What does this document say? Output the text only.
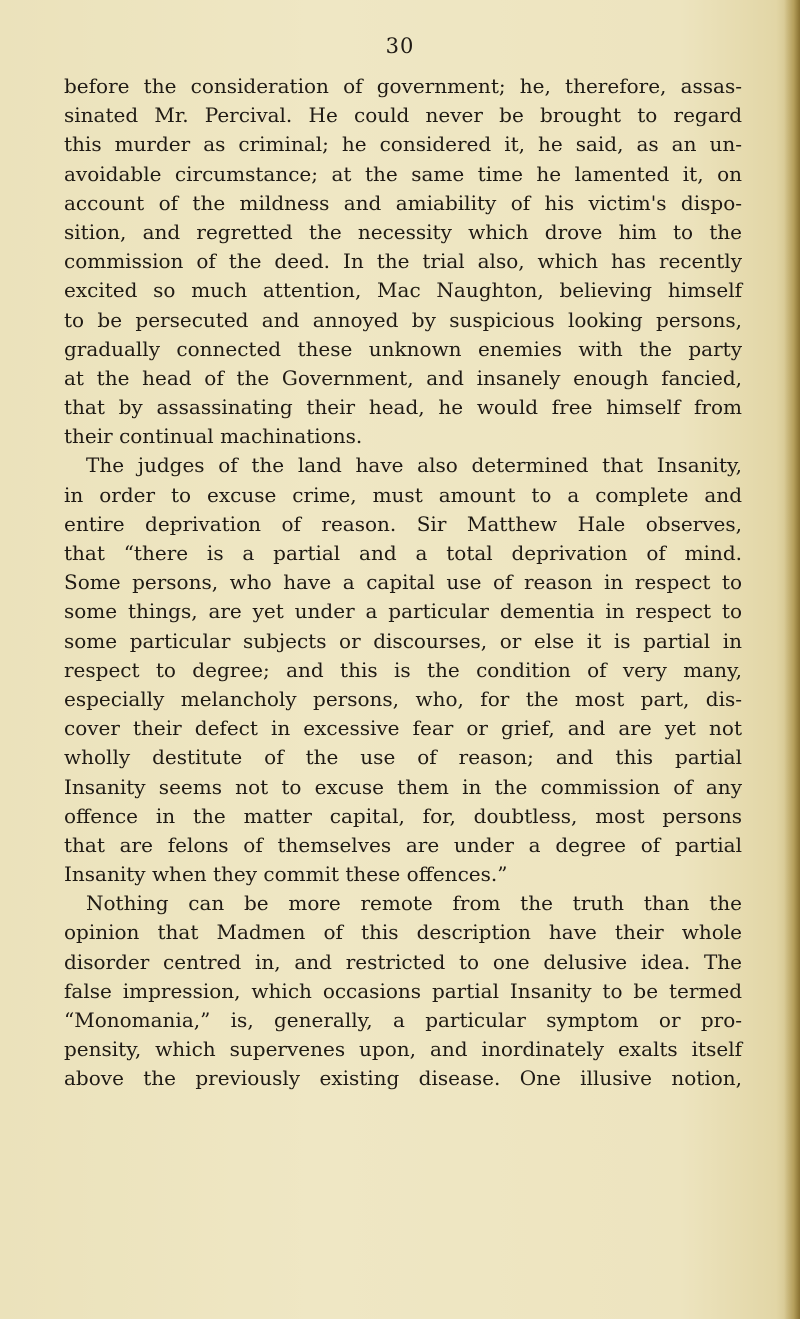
30
before the consideration of government; he, therefore, assas-
sinated Mr. Percival. He could never be brought to regard
this murder as criminal; he considered it, he said, as an un-
avoidable circumstance; at the same time he lamented it, on
account of the mildness and amiability of his victim's dispo-
sition, and regretted the necessity which drove him to the
commission of the deed. In the trial also, which has recently
excited so much attention, Mac Naughton, believing himself
to be persecuted and annoyed by suspicious looking persons,
gradually connected these unknown enemies with the party
at the head of the Government, and insanely enough fancied,
that by assassinating their head, he would free himself from
their continual machinations.
The judges of the land have also determined that Insanity,
in order to excuse crime, must amount to a complete and
entire deprivation of reason. Sir Matthew Hale observes,
that “there is a partial and a total deprivation of mind.
Some persons, who have a capital use of reason in respect to
some things, are yet under a particular dementia in respect to
some particular subjects or discourses, or else it is partial in
respect to degree; and this is the condition of very many,
especially melancholy persons, who, for the most part, dis-
cover their defect in excessive fear or grief, and are yet not
wholly destitute of the use of reason; and this partial
Insanity seems not to excuse them in the commission of any
offence in the matter capital, for, doubtless, most persons
that are felons of themselves are under a degree of partial
Insanity when they commit these offences.”
Nothing can be more remote from the truth than the
opinion that Madmen of this description have their whole
disorder centred in, and restricted to one delusive idea. The
false impression, which occasions partial Insanity to be termed
“Monomania,” is, generally, a particular symptom or pro-
pensity, which supervenes upon, and inordinately exalts itself
above the previously existing disease. One illusive notion,
